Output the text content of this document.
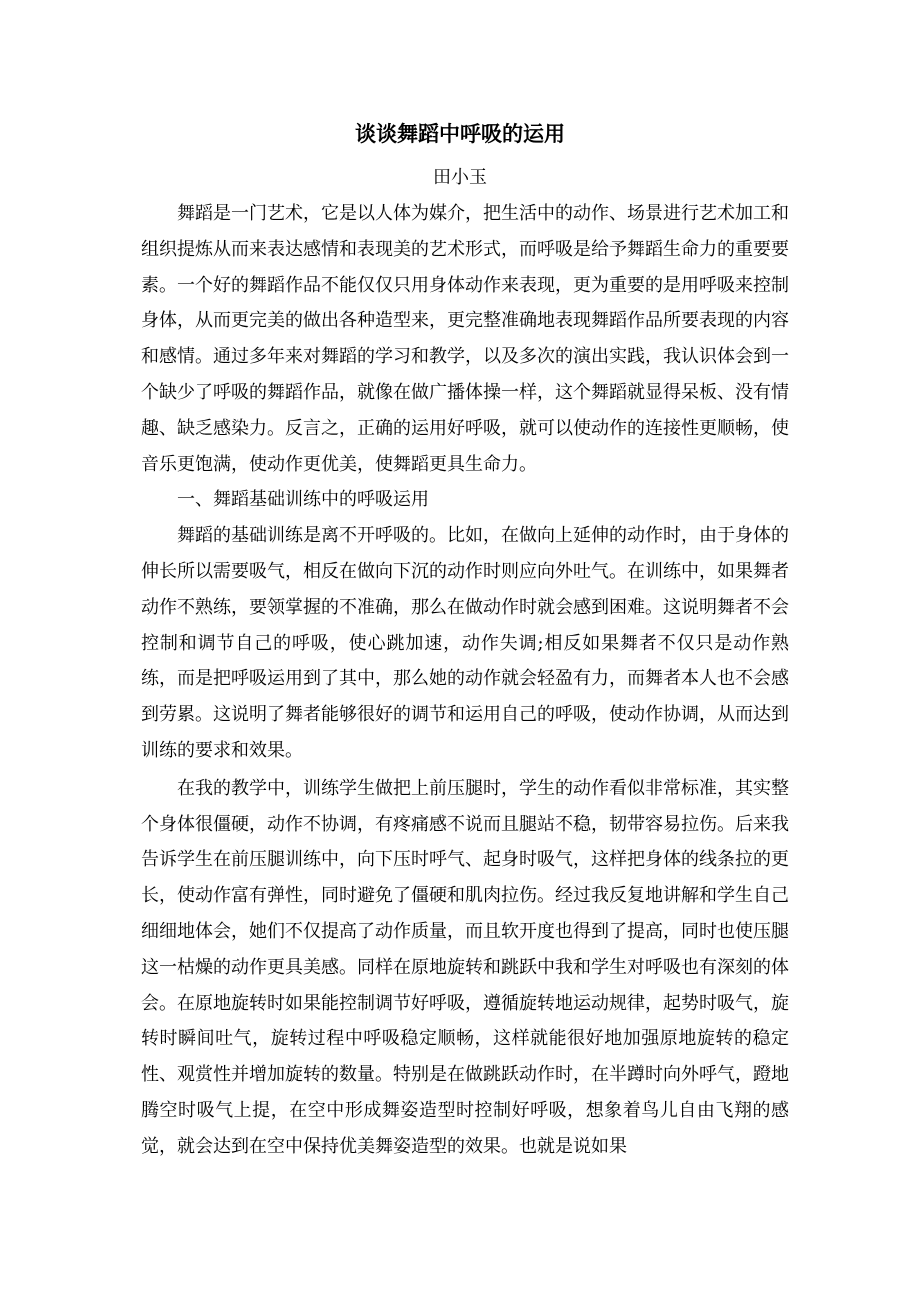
谈谈舞蹈中呼吸的运用
田小玉

舞蹈是一门艺术，它是以人体为媒介，把生活中的动作、场景进行艺术加工和组织提炼从而来表达感情和表现美的艺术形式，而呼吸是给予舞蹈生命力的重要要素。一个好的舞蹈作品不能仅仅只用身体动作来表现，更为重要的是用呼吸来控制身体，从而更完美的做出各种造型来，更完整准确地表现舞蹈作品所要表现的内容和感情。通过多年来对舞蹈的学习和教学，以及多次的演出实践，我认识体会到一个缺少了呼吸的舞蹈作品，就像在做广播体操一样，这个舞蹈就显得呆板、没有情趣、缺乏感染力。反言之，正确的运用好呼吸，就可以使动作的连接性更顺畅，使音乐更饱满，使动作更优美，使舞蹈更具生命力。

一、舞蹈基础训练中的呼吸运用

舞蹈的基础训练是离不开呼吸的。比如，在做向上延伸的动作时，由于身体的伸长所以需要吸气，相反在做向下沉的动作时则应向外吐气。在训练中，如果舞者动作不熟练，要领掌握的不准确，那么在做动作时就会感到困难。这说明舞者不会控制和调节自己的呼吸，使心跳加速，动作失调;相反如果舞者不仅只是动作熟练，而是把呼吸运用到了其中，那么她的动作就会轻盈有力，而舞者本人也不会感到劳累。这说明了舞者能够很好的调节和运用自己的呼吸，使动作协调，从而达到训练的要求和效果。

在我的教学中，训练学生做把上前压腿时，学生的动作看似非常标准，其实整个身体很僵硬，动作不协调，有疼痛感不说而且腿站不稳，韧带容易拉伤。后来我告诉学生在前压腿训练中，向下压时呼气、起身时吸气，这样把身体的线条拉的更长，使动作富有弹性，同时避免了僵硬和肌肉拉伤。经过我反复地讲解和学生自己细细地体会，她们不仅提高了动作质量，而且软开度也得到了提高，同时也使压腿这一枯燥的动作更具美感。同样在原地旋转和跳跃中我和学生对呼吸也有深刻的体会。在原地旋转时如果能控制调节好呼吸，遵循旋转地运动规律，起势时吸气，旋转时瞬间吐气，旋转过程中呼吸稳定顺畅，这样就能很好地加强原地旋转的稳定性、观赏性并增加旋转的数量。特别是在做跳跃动作时，在半蹲时向外呼气，蹬地腾空时吸气上提，在空中形成舞姿造型时控制好呼吸，想象着鸟儿自由飞翔的感觉，就会达到在空中保持优美舞姿造型的效果。也就是说如果
